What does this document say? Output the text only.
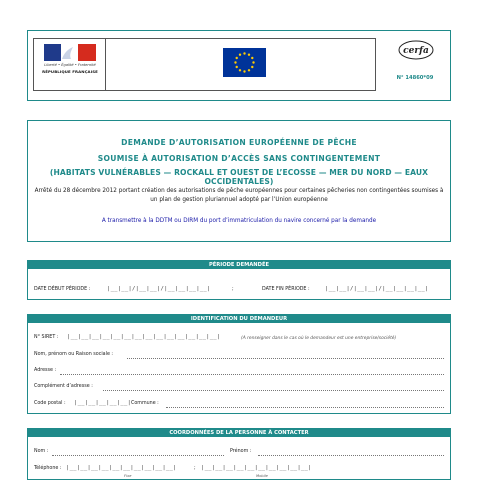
Liberté • Égalité • Fraternité
RÉPUBLIQUE FRANÇAISE
cerfa
N° 14860*09
DEMANDE D’AUTORISATION EUROPÉENNE DE PÊCHE
SOUMISE À AUTORISATION D’ACCÈS SANS CONTINGENTEMENT
(HABITATS VULNÉRABLES — ROCKALL ET OUEST DE L’ECOSSE — MER DU NORD — EAUX OCCIDENTALES)
Arrêté du 28 décembre 2012 portant création des autorisations de pêche européennes pour certaines pêcheries non contingentées soumises à un plan de gestion pluriannuel adopté par l’Union européenne
A transmettre à la DDTM ou DIRM du port d’immatriculation du navire concerné par la demande
PÉRIODE DEMANDÉE
DATE DÉBUT PÉRIODE :	|__|__|/|__|__|/|__|__|__|__|	;	DATE FIN PÉRIODE :	|__|__|/|__|__|/|__|__|__|__|
IDENTIFICATION DU DEMANDEUR
N° SIRET : |__|__|__|__|__|__|__|__|__|__|__|__|__|__|	(A renseigner dans le cas où le demandeur est une entreprise/société)
Nom, prénom ou Raison sociale :
Adresse :
Complément d’adresse :
Code postal : |__|__|__|__|__| Commune :
COORDONNÉES DE LA PERSONNE À CONTACTER
Nom :	Prénom :
Téléphone : |__|__|__|__|__|__|__|__|__|__|	; |__|__|__|__|__|__|__|__|__|__|
Fixe	Mobile
